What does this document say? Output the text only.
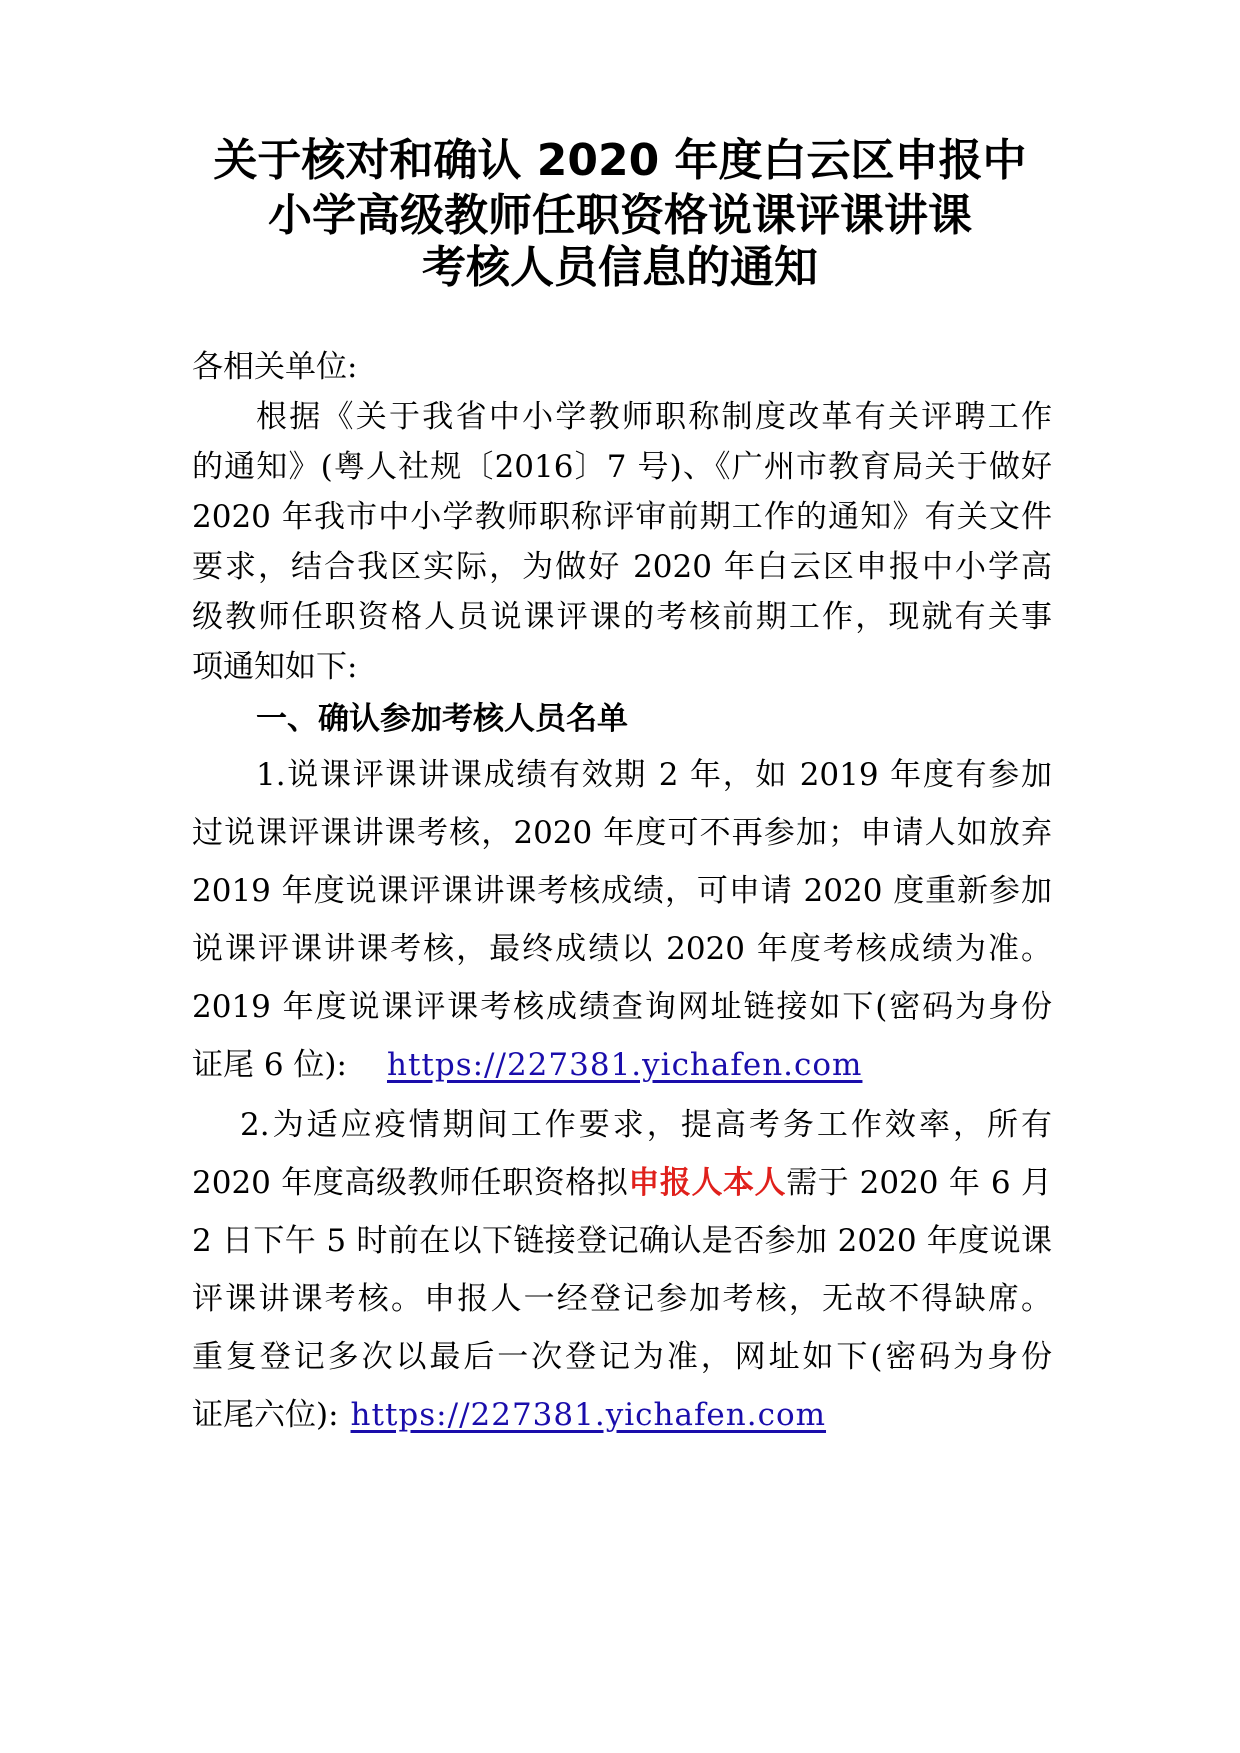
关于核对和确认 2020 年度白云区申报中
小学高级教师任职资格说课评课讲课
考核人员信息的通知
各相关单位:
根据《关于我省中小学教师职称制度改革有关评聘工作
的通知》(粤人社规〔2016〕7 号)、《广州市教育局关于做好
2020 年我市中小学教师职称评审前期工作的通知》有关文件
要求，结合我区实际，为做好 2020 年白云区申报中小学高
级教师任职资格人员说课评课的考核前期工作，现就有关事
项通知如下:
一、确认参加考核人员名单
1.说课评课讲课成绩有效期 2 年，如 2019 年度有参加
过说课评课讲课考核，2020 年度可不再参加；申请人如放弃
2019 年度说课评课讲课考核成绩，可申请 2020 度重新参加
说课评课讲课考核，最终成绩以 2020 年度考核成绩为准。
2019 年度说课评课考核成绩查询网址链接如下(密码为身份
证尾 6 位): https://227381.yichafen.com
2.为适应疫情期间工作要求，提高考务工作效率，所有
2020 年度高级教师任职资格拟申报人本人需于 2020 年 6 月
2 日下午 5 时前在以下链接登记确认是否参加 2020 年度说课
评课讲课考核。申报人一经登记参加考核，无故不得缺席。
重复登记多次以最后一次登记为准，网址如下(密码为身份
证尾六位): https://227381.yichafen.com
